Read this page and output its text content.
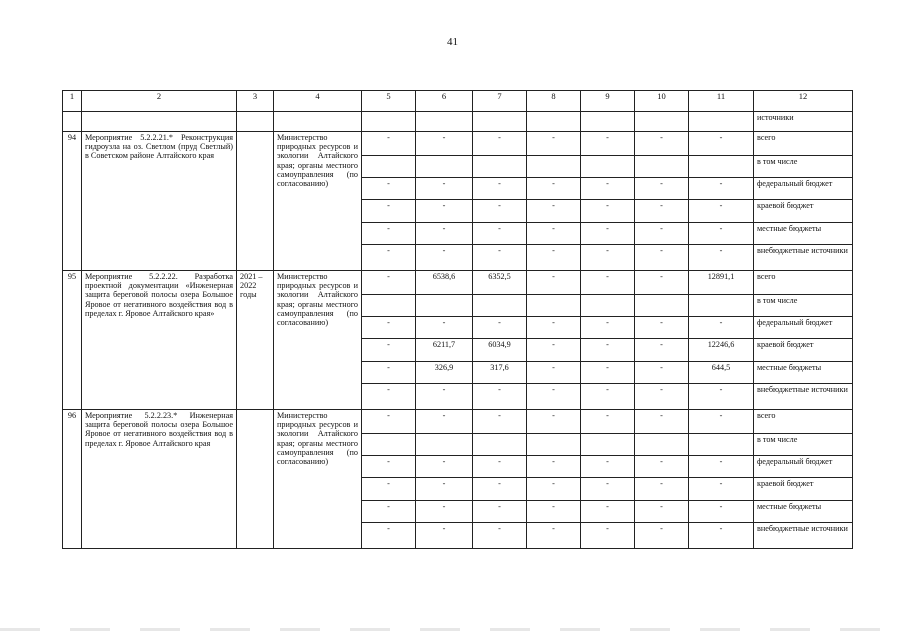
41
1	2	3	4	5	6	7	8	9	10	11	12
											источники
94	Мероприятие 5.2.2.21.* Реконструкция гидроузла на оз. Светлом (пруд Светлый) в Советском районе Алтайского края		Министерство природных ресурсов и экологии Алтайского края; органы местного самоуправления (по согласованию)	-	-	-	-	-	-	-	всего
											в том числе
				-	-	-	-	-	-	-	федеральный бюджет
				-	-	-	-	-	-	-	краевой бюджет
				-	-	-	-	-	-	-	местные бюджеты
				-	-	-	-	-	-	-	внебюджетные источники
95	Мероприятие 5.2.2.22. Разработка проектной документации «Инженерная защита береговой полосы озера Большое Яровое от негативного воздействия вод в пределах г. Яровое Алтайского края»	2021 – 2022 годы	Министерство природных ресурсов и экологии Алтайского края; органы местного самоуправления (по согласованию)	-	6538,6	6352,5	-	-	-	12891,1	всего
											в том числе
				-	-	-	-	-	-	-	федеральный бюджет
				-	6211,7	6034,9	-	-	-	12246,6	краевой бюджет
				-	326,9	317,6	-	-	-	644,5	местные бюджеты
				-	-	-	-	-	-	-	внебюджетные источники
96	Мероприятие 5.2.2.23.* Инженерная защита береговой полосы озера Большое Яровое от негативного воздействия вод в пределах г. Яровое Алтайского края		Министерство природных ресурсов и экологии Алтайского края; органы местного самоуправления (по согласованию)	-	-	-	-	-	-	-	всего
											в том числе
				-	-	-	-	-	-	-	федеральный бюджет
				-	-	-	-	-	-	-	краевой бюджет
				-	-	-	-	-	-	-	местные бюджеты
				-	-	-	-	-	-	-	внебюджетные источники
